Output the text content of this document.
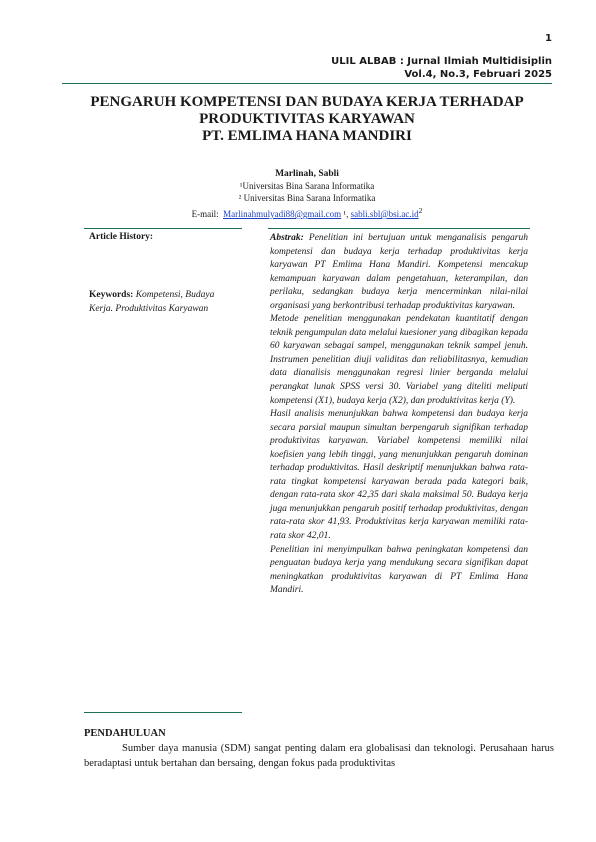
1
ULIL ALBAB : Jurnal Ilmiah Multidisiplin
Vol.4, No.3, Februari 2025
PENGARUH KOMPETENSI DAN BUDAYA KERJA TERHADAP
PRODUKTIVITAS KARYAWAN
PT. EMLIMA HANA MANDIRI
Marlinah, Sabli
¹Universitas Bina Sarana Informatika
² Universitas Bina Sarana Informatika
E-mail: Marlinahmulyadi88@gmail.com ¹, $sabli.sbl@bsi.ac.id^2$
Article History:
Keywords: Kompetensi, Budaya Kerja. Produktivitas Karyawan

Abstrak: Penelitian ini bertujuan untuk menganalisis pengaruh kompetensi dan budaya kerja terhadap produktivitas kerja karyawan PT Emlima Hana Mandiri. Kompetensi mencakup kemampuan karyawan dalam pengetahuan, keterampilan, dan perilaku, sedangkan budaya kerja mencerminkan nilai-nilai organisasi yang berkontribusi terhadap produktivitas karyawan.

Metode penelitian menggunakan pendekatan kuantitatif dengan teknik pengumpulan data melalui kuesioner yang dibagikan kepada 60 karyawan sebagai sampel, menggunakan teknik sampel jenuh. Instrumen penelitian diuji validitas dan reliabilitasnya, kemudian data dianalisis menggunakan regresi linier berganda melalui perangkat lunak SPSS versi 30. Variabel yang diteliti meliputi kompetensi (X1), budaya kerja (X2), dan produktivitas kerja (Y).

Hasil analisis menunjukkan bahwa kompetensi dan budaya kerja secara parsial maupun simultan berpengaruh signifikan terhadap produktivitas karyawan. Variabel kompetensi memiliki nilai koefisien yang lebih tinggi, yang menunjukkan pengaruh dominan terhadap produktivitas. Hasil deskriptif menunjukkan bahwa rata- rata tingkat kompetensi karyawan berada pada kategori baik, dengan rata-rata skor 42,35 dari skala maksimal 50. Budaya kerja juga menunjukkan pengaruh positif terhadap produktivitas, dengan rata-rata skor 41,93. Produktivitas kerja karyawan memiliki rata-rata skor 42,01.

Penelitian ini menyimpulkan bahwa peningkatan kompetensi dan penguatan budaya kerja yang mendukung secara signifikan dapat meningkatkan produktivitas karyawan di PT Emlima Hana Mandiri.

PENDAHULUAN
Sumber daya manusia (SDM) sangat penting dalam era globalisasi dan teknologi. Perusahaan harus beradaptasi untuk bertahan dan bersaing, dengan fokus pada produktivitas
